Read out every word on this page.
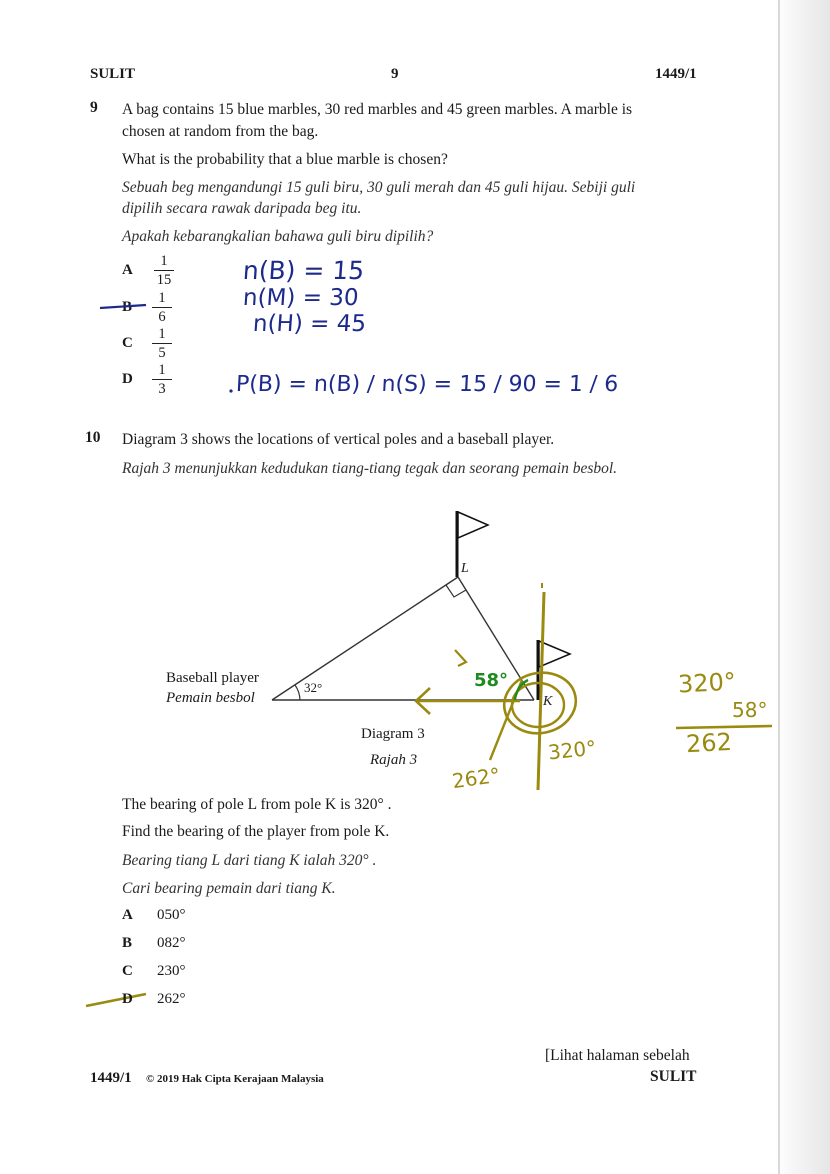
SULIT	9	1449/1
9 A bag contains 15 blue marbles, 30 red marbles and 45 green marbles. A marble is
chosen at random from the bag.
What is the probability that a blue marble is chosen?
Sebuah beg mengandungi 15 guli biru, 30 guli merah dan 45 guli hijau. Sebiji guli
dipilih secara rawak daripada beg itu.
Apakah kebarangkalian bahawa guli biru dipilih?
A
1
15
1
6
C
1
5
D
1
3
n(B) = 15
n(M) = 30
n(H) = 45
P(B) = n(B) / n(S) = 15 / 90 = 1 / 6
10 Diagram 3 shows the locations of vertical poles and a baseball player.
Rajah 3 menunjukkan kedudukan tiang-tiang tegak dan seorang pemain besbol.
Baseball player
Pemain besbol
32°
L
K
Diagram 3
Rajah 3
58°
320°
262°
320°
58°
262
The bearing of pole L from pole K is 320° .
Find the bearing of the player from pole K.
Bearing tiang L dari tiang K ialah 320° .
Cari bearing pemain dari tiang K.
A 050°
B 082°
C 230°
D 262°
[Lihat halaman sebelah
SULIT
1449/1 © 2019 Hak Cipta Kerajaan Malaysia
